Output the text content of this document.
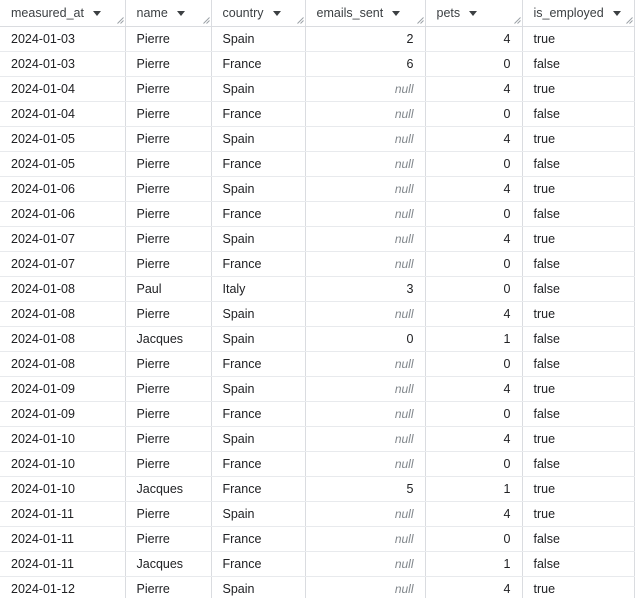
measured_at	name	country	emails_sent	pets	is_employed

2024-01-03	Pierre	Spain	2	4	true
2024-01-03	Pierre	France	6	0	false
2024-01-04	Pierre	Spain	null	4	true
2024-01-04	Pierre	France	null	0	false
2024-01-05	Pierre	Spain	null	4	true
2024-01-05	Pierre	France	null	0	false
2024-01-06	Pierre	Spain	null	4	true
2024-01-06	Pierre	France	null	0	false
2024-01-07	Pierre	Spain	null	4	true
2024-01-07	Pierre	France	null	0	false
2024-01-08	Paul	Italy	3	0	false
2024-01-08	Pierre	Spain	null	4	true
2024-01-08	Jacques	Spain	0	1	false
2024-01-08	Pierre	France	null	0	false
2024-01-09	Pierre	Spain	null	4	true
2024-01-09	Pierre	France	null	0	false
2024-01-10	Pierre	Spain	null	4	true
2024-01-10	Pierre	France	null	0	false
2024-01-10	Jacques	France	5	1	true
2024-01-11	Pierre	Spain	null	4	true
2024-01-11	Pierre	France	null	0	false
2024-01-11	Jacques	France	null	1	false
2024-01-12	Pierre	Spain	null	4	true
